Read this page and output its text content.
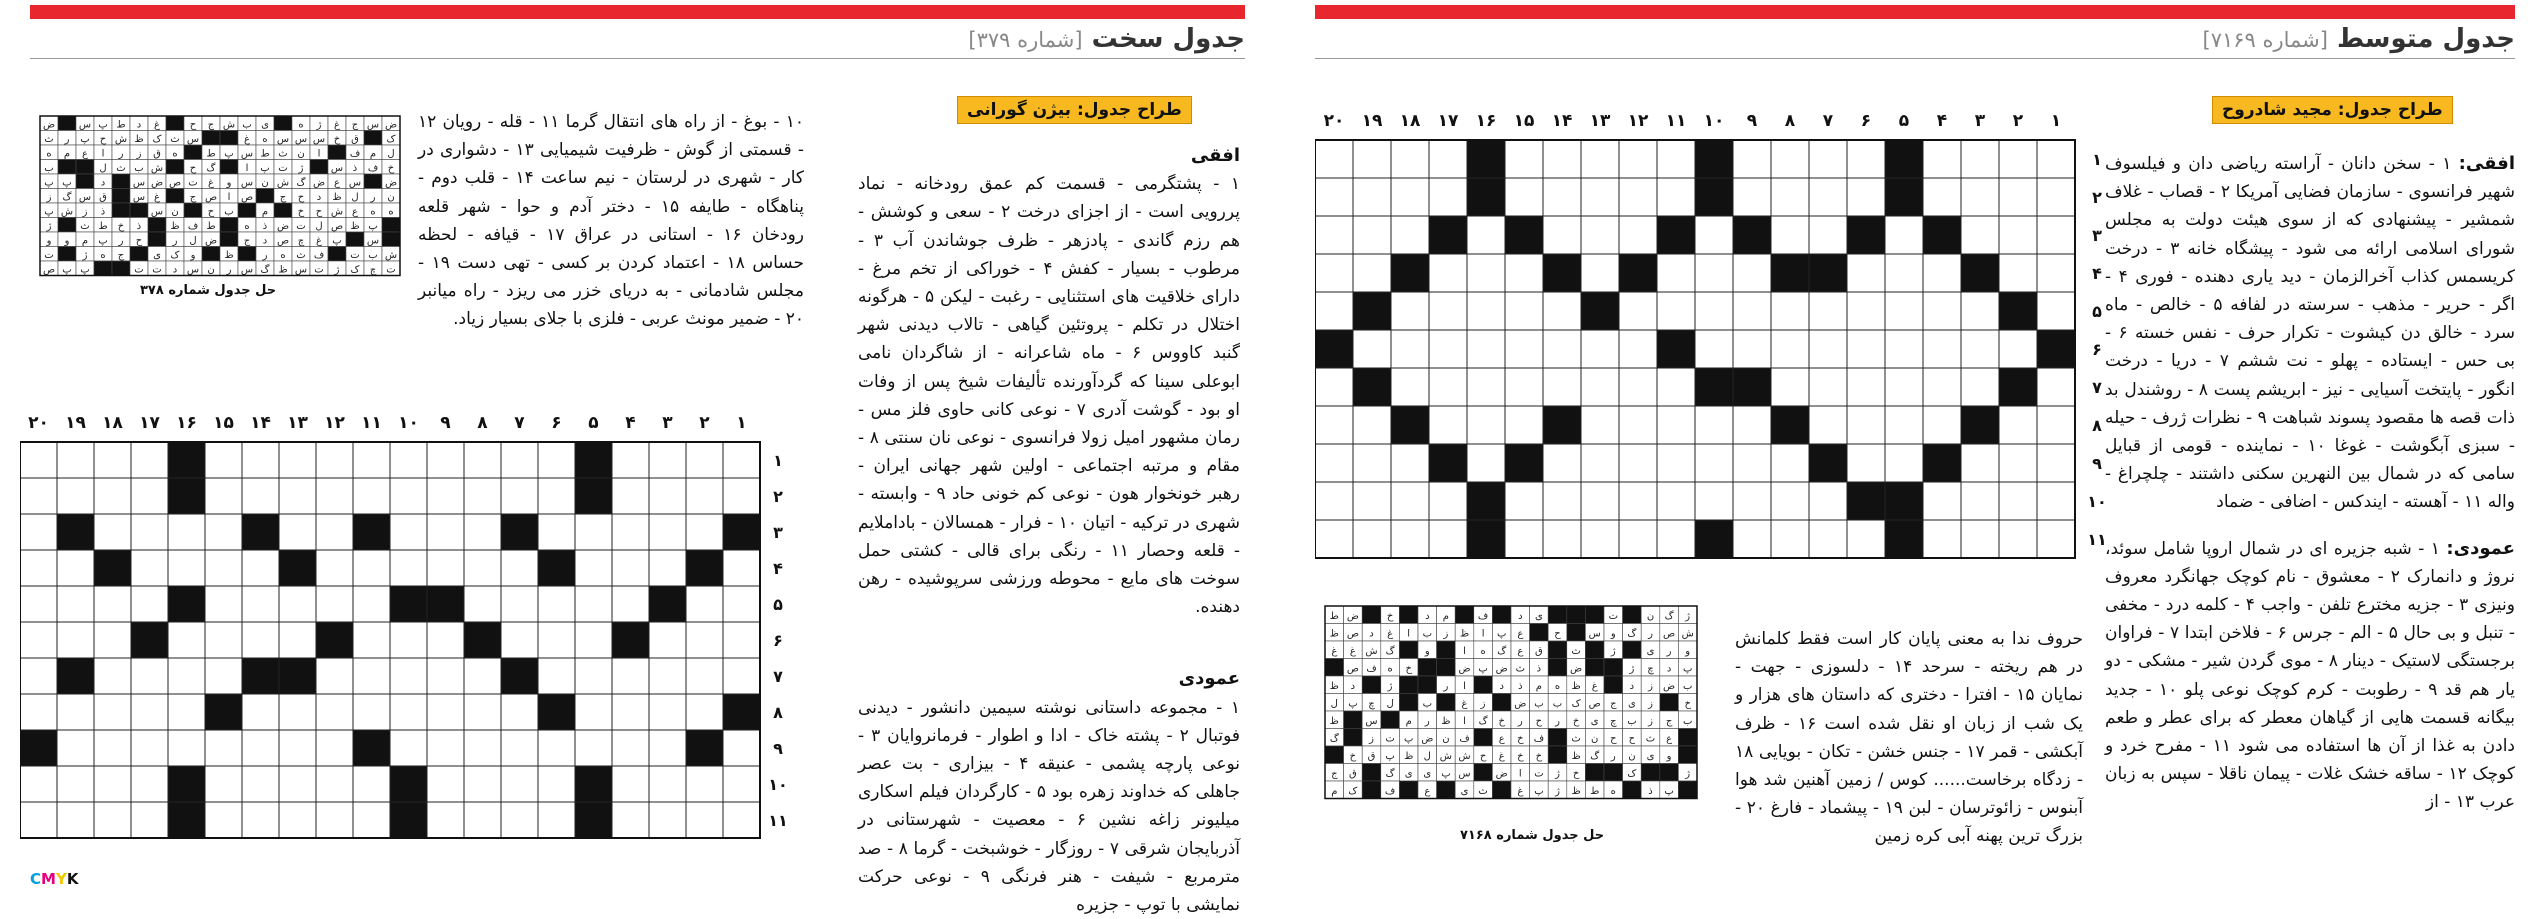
جدول سخت [شماره ۳۷۹]
ض س پ ط د غ	ح ج ش ب ی	ه ژ غ ج س ض
ث ر پ ح ش ظ ک ث س	غ ه س س س خ ق	ک
ه م ع ا ر ز ق ه	ط پ س ط ث ن ا	ف م ل
ب	ل ث ب ش	ح گ	ا پ ت ژ	س ذ ف خ
پ پ	د	س ض ص ت غ و س ن ش گ ض ع س ض
ز گ س ق	س غ	ج ص ا ص	ج ح د ظ ل ر ن
پ ش ز ذ	س ن	ح ب	م	خ ح ش ع ه ه
ژ	ث ط خ ذ	ظ ف ط	ه ذ ض ت ل ص ظ پ
و و م پ ر ح	ر ل ض	ج د ص چ غ پ	س
ت	ژ ه ج	ی ک و	ظ	ر ه ث ف	ت ب ش
ص پ پ	ت ت د س ن ر س گ ظ س ت ژ ک چ ت
حل جدول شماره ۳۷۸

۱۰ - بوغ - از راه های انتقال گرما ۱۱ - قله - رویان ۱۲ - قسمتی از گوش - ظرفیت شیمیایی ۱۳ - دشواری در کار - شهری در لرستان - نیم ساعت ۱۴ - قلب دوم - پناهگاه - طایفه ۱۵ - دختر آدم و حوا - شهر قلعه رودخان ۱۶ - استانی در عراق ۱۷ - قیافه - لحظه حساس ۱۸ - اعتماد کردن بر کسی - تهی دست ۱۹ - مجلس شادمانی - به دریای خزر می ریزد - راه میانبر ۲۰ - ضمیر مونث عربی - فلزی با جلای بسیار زیاد.

طراح جدول: بیژن گورانی

افقی

۱ - پشتگرمی - قسمت کم عمق رودخانه - نماد پررویی است - از اجزای درخت ۲ - سعی و کوشش - هم رزم گاندی - پادزهر - ظرف جوشاندن آب ۳ - مرطوب - بسیار - کفش ۴ - خوراکی از تخم مرغ - دارای خلاقیت های استثنایی - رغبت - لیکن ۵ - هرگونه اختلال در تکلم - پروتئین گیاهی - تالاب دیدنی شهر گنبد کاووس ۶ - ماه شاعرانه - از شاگردان نامی ابوعلی سینا که گردآورنده تألیفات شیخ پس از وفات او بود - گوشت آدری ۷ - نوعی کانی حاوی فلز مس - رمان مشهور امیل زولا فرانسوی - نوعی نان سنتی ۸ - مقام و مرتبه اجتماعی - اولین شهر جهانی ایران - رهبر خونخوار هون - نوعی کم خونی حاد ۹ - وابسته - شهری در ترکیه - اتیان ۱۰ - فرار - همسالان - باداملایم - قلعه وحصار ۱۱ - رنگی برای قالی - کشتی حمل سوخت های مایع - محوطه ورزشی سرپوشیده - رهن دهنده.

عمودی

۱ - مجموعه داستانی نوشته سیمین دانشور - دیدنی فوتبال ۲ - پشته خاک - ادا و اطوار - فرمانروایان ۳ - نوعی پارچه پشمی - عنیقه ۴ - بیزاری - بت عصر جاهلی که خداوند زهره بود ۵ - کارگردان فیلم اسکاری میلیونر زاغه نشین ۶ - معصیت - شهرستانی در آذربایجان شرقی ۷ - روزگار - خوشبخت - گرما ۸ - صد مترمربع - شیفت - هنر فرنگی ۹ - نوعی حرکت نمایشی با توپ - جزیره

۲۰ ۱۹ ۱۸ ۱۷ ۱۶ ۱۵ ۱۴ ۱۳ ۱۲ ۱۱ ۱۰ ۹ ۸ ۷ ۶ ۵ ۴ ۳ ۲ ۱
۱
۲
۳
۴
۵
۶
۷
۸
۹
۱۰
۱۱
جدول متوسط [شماره ۷۱۶۹]
۲۰ ۱۹ ۱۸ ۱۷ ۱۶ ۱۵ ۱۴ ۱۳ ۱۲ ۱۱ ۱۰ ۹ ۸ ۷ ۶ ۵ ۴ ۳ ۲ ۱
۱
۲
۳
۴
۵
۶
۷
۸
۹
۱۰
۱۱
طراح جدول: مجید شادروح

افقی: ۱ - سخن دانان - آراسته ریاضی دان و فیلسوف شهیر فرانسوی - سازمان فضایی آمریکا ۲ - قصاب - غلاف شمشیر - پیشنهادی که از سوی هیئت دولت به مجلس شورای اسلامی ارائه می شود - پیشگاه خانه ۳ - درخت کریسمس کذاب آخرالزمان - دید یاری دهنده - فوری ۴ - اگر - حریر - مذهب - سرسته در لفافه ۵ - خالص - ماه سرد - خالق دن کیشوت - تکرار حرف - نفس خسته ۶ - بی حس - ایستاده - پهلو - نت ششم ۷ - دریا - درخت انگور - پایتخت آسیایی - نیز - ابریشم پست ۸ - روشندل بد ذات قصه ها مقصود پسوند شباهت ۹ - نظرات ژرف - حیله - سبزی آبگوشت - غوغا ۱۰ - نماینده - قومی از قبایل سامی که در شمال بین النهرین سکنی داشتند - چلچراغ - واله ۱۱ - آهسته - ایندکس - اضافی - ضماد

عمودی: ۱ - شبه جزیره ای در شمال اروپا شامل سوئد، نروژ و دانمارک ۲ - معشوق - نام کوچک جهانگرد معروف ونیزی ۳ - جزیه مخترع تلفن - واجب ۴ - کلمه درد - مخفی - تنبل و بی حال ۵ - الم - جرس ۶ - فلاخن ابتدا ۷ - فراوان برجستگی لاستیک - دینار ۸ - موی گردن شیر - مشکی - دو یار هم قد ۹ - رطوبت - کرم کوچک نوعی پلو ۱۰ - جدید بیگانه قسمت هایی از گیاهان معطر که برای عطر و طعم دادن به غذا از آن ها استفاده می شود ۱۱ - مفرح خرد و کوچک ۱۲ - ساقه خشک غلات - پیمان ناقلا - سپس به زبان عرب ۱۳ - از

ط ض	خ	د م	ف	د ی	ت	ن گ ژ
ظ ص د غ ا ب ز ظ ا پ ع	ح	س و گ ر ص ش
غ غ ش گ	و	ا ه گ ع ق	ث	ژ	ی ر و
ص ف ه خ	ض پ ض ث ذ	ض	ژ چ د پ
ظ د	ژ	ر ا	د ذ م ه ظ غ	د ز ض ب
ل پ چ ل	ب	غ ز	ض ب ب ک ص ج ی ز	خ
ظ	س	م ر ظ ا گ خ ر ح ر خ ی چ ب ز ج ب
گ	ز ت پ ض ن ف	ع خ ف	ث ن ح ح ث ع
خ ق پ ظ ل ش ش ح غ خ خ	ظ گ ر ن ی و
ج ق	گ ی ی پ س	ض ا ت ژ خ	ک	ژ
م ک	ف	ع	ی ث	غ پ ژ ظ ط ه	ذ پ
حل جدول شماره ۷۱۶۸

حروف ندا به معنی پایان کار است فقط کلمانش در هم ریخته - سرحد ۱۴ - دلسوزی - جهت - نمایان ۱۵ - افترا - دختری که داستان های هزار و یک شب از زبان او نقل شده است ۱۶ - ظرف آبکشی - قمر ۱۷ - جنس خشن - تکان - بویایی ۱۸ - زدگاه برخاست...... کوس / زمین آهنین شد هوا آبنوس - زائوترسان - لبن ۱۹ - پیشماد - فارغ ۲۰ - بزرگ ترین پهنه آبی کره زمین

CMYK
